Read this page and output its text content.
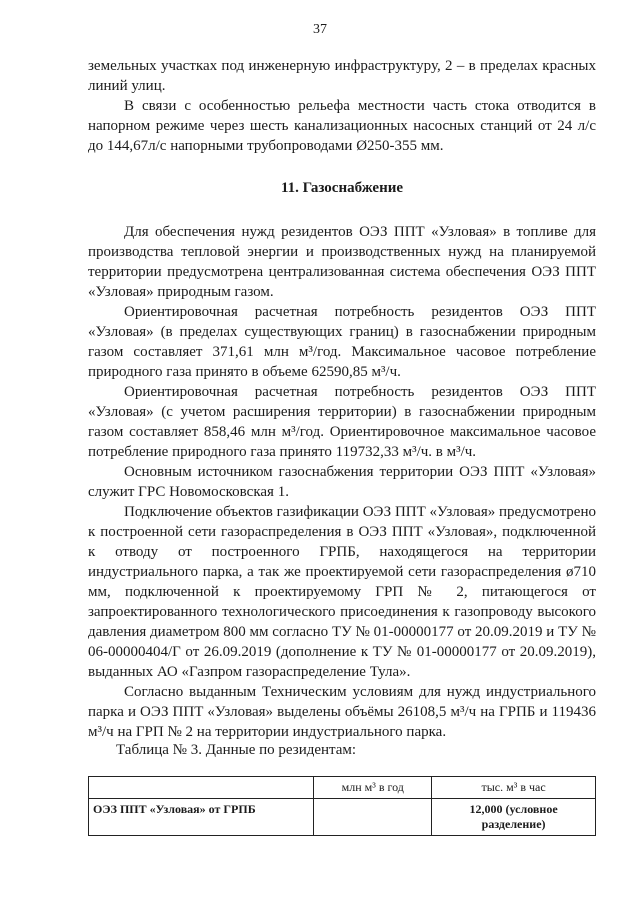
37

земельных участках под инженерную инфраструктуру, 2 – в пределах красных линий улиц.

В связи с особенностью рельефа местности часть стока отводится в напорном режиме через шесть канализационных насосных станций от 24 л/с до 144,67л/с напорными трубопроводами Ø250-355 мм.

11. Газоснабжение

Для обеспечения нужд резидентов ОЭЗ ППТ «Узловая» в топливе для производства тепловой энергии и производственных нужд на планируемой территории предусмотрена централизованная система обеспечения ОЭЗ ППТ «Узловая» природным газом.

Ориентировочная расчетная потребность резидентов ОЭЗ ППТ «Узловая» (в пределах существующих границ) в газоснабжении природным газом составляет 371,61 млн м³/год. Максимальное часовое потребление природного газа принято в объеме 62590,85 м³/ч.

Ориентировочная расчетная потребность резидентов ОЭЗ ППТ «Узловая» (с учетом расширения территории) в газоснабжении природным газом составляет 858,46 млн м³/год. Ориентировочное максимальное часовое потребление природного газа принято 119732,33 м³/ч. в м³/ч.

Основным источником газоснабжения территории ОЭЗ ППТ «Узловая» служит ГРС Новомосковская 1.

Подключение объектов газификации ОЭЗ ППТ «Узловая» предусмотрено к построенной сети газораспределения в ОЭЗ ППТ «Узловая», подключенной к отводу от построенного ГРПБ, находящегося на территории индустриального парка, а так же проектируемой сети газораспределения ø710 мм, подключенной к проектируемому ГРП № 2, питающегося от запроектированного технологического присоединения к газопроводу высокого давления диаметром 800 мм согласно ТУ № 01-00000177 от 20.09.2019 и ТУ № 06-00000404/Г от 26.09.2019 (дополнение к ТУ № 01-00000177 от 20.09.2019), выданных АО «Газпром газораспределение Тула».

Согласно выданным Техническим условиям для нужд индустриального парка и ОЭЗ ППТ «Узловая» выделены объёмы 26108,5 м³/ч на ГРПБ и 119436 м³/ч на ГРП № 2 на территории индустриального парка.

Таблица № 3. Данные по резидентам:
	млн м³ в год	тыс. м³ в час
ОЭЗ ППТ «Узловая» от ГРПБ		12,000 (условное разделение)
